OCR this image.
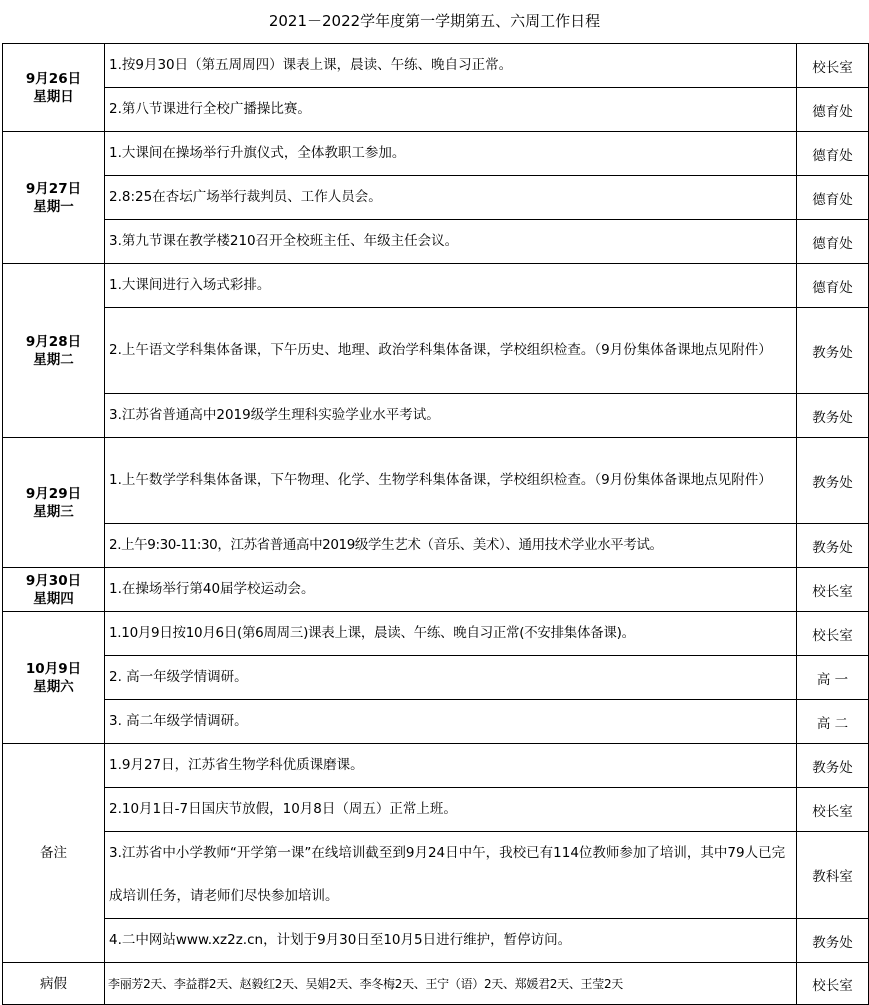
2021－2022学年度第一学期第五、六周工作日程
9月26日
星期日	1.按9月30日（第五周周四）课表上课，晨读、午练、晚自习正常。	校长室
	2.第八节课进行全校广播操比赛。	德育处

9月27日
星期一	1.大课间在操场举行升旗仪式，全体教职工参加。	德育处
	2.8:25在杏坛广场举行裁判员、工作人员会。	德育处
	3.第九节课在教学楼210召开全校班主任、年级主任会议。	德育处

9月28日
星期二	1.大课间进行入场式彩排。	德育处
	2.上午语文学科集体备课，下午历史、地理、政治学科集体备课，学校组织检查。（9月份集体备课地点见附件）	教务处
	3.江苏省普通高中2019级学生理科实验学业水平考试。	教务处

9月29日
星期三	1.上午数学学科集体备课，下午物理、化学、生物学科集体备课，学校组织检查。（9月份集体备课地点见附件）	教务处
	2.上午9:30-11:30，江苏省普通高中2019级学生艺术（音乐、美术）、通用技术学业水平考试。	教务处

9月30日
星期四	1.在操场举行第40届学校运动会。	校长室

10月9日
星期六	1.10月9日按10月6日(第6周周三)课表上课，晨读、午练、晚自习正常(不安排集体备课)。	校长室
	2. 高一年级学情调研。	高 一
	3. 高二年级学情调研。	高 二
备注	1.9月27日，江苏省生物学科优质课磨课。	教务处
	2.10月1日-7日国庆节放假，10月8日（周五）正常上班。	校长室
	3.江苏省中小学教师“开学第一课”在线培训截至到9月24日中午，我校已有114位教师参加了培训，其中79人已完成培训任务，请老师们尽快参加培训。	教科室
	4.二中网站www.xz2z.cn，计划于9月30日至10月5日进行维护，暂停访问。	教务处
病假	李丽芳2天、李益群2天、赵毅红2天、吴娟2天、李冬梅2天、王宁（语）2天、郑媛君2天、王莹2天	校长室
